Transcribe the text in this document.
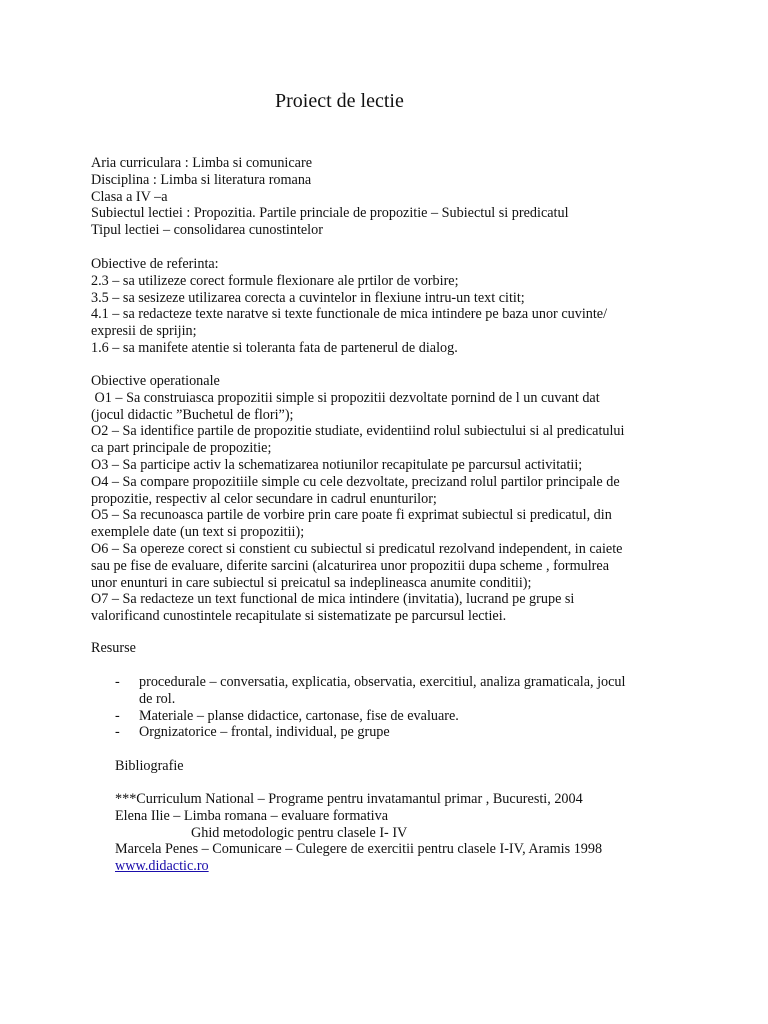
Proiect de lectie
Aria curriculara : Limba si comunicare
Disciplina : Limba si literatura romana
Clasa a IV –a
Subiectul lectiei : Propozitia. Partile princiale de propozitie – Subiectul si predicatul
Tipul lectiei – consolidarea cunostintelor
Obiective de referinta:
2.3 – sa utilizeze corect formule flexionare ale prtilor de vorbire;
3.5 – sa sesizeze utilizarea corecta a cuvintelor in flexiune intru-un text citit;
4.1 – sa redacteze texte naratve si texte functionale de mica intindere pe baza unor cuvinte/
expresii de sprijin;
1.6 – sa manifete atentie si toleranta fata de partenerul de dialog.
Obiective operationale
O1 – Sa construiasca propozitii simple si propozitii dezvoltate pornind de l un cuvant dat
(jocul didactic ”Buchetul de flori”);
O2 – Sa identifice partile de propozitie studiate, evidentiind rolul subiectului si al predicatului
ca part principale de propozitie;
O3 – Sa participe activ la schematizarea notiunilor recapitulate pe parcursul activitatii;
O4 – Sa compare propozitiile simple cu cele dezvoltate, precizand rolul partilor principale de
propozitie, respectiv al celor secundare in cadrul enunturilor;
O5 – Sa recunoasca partile de vorbire prin care poate fi exprimat subiectul si predicatul, din
exemplele date (un text si propozitii);
O6 – Sa opereze corect si constient cu subiectul si predicatul rezolvand independent, in caiete
sau pe fise de evaluare, diferite sarcini (alcaturirea unor propozitii dupa scheme , formulrea
unor enunturi in care subiectul si preicatul sa indeplineasca anumite conditii);
O7 – Sa redacteze un text functional de mica intindere (invitatia), lucrand pe grupe si
valorificand cunostintele recapitulate si sistematizate pe parcursul lectiei.
Resurse
- procedurale – conversatia, explicatia, observatia, exercitiul, analiza gramaticala, jocul
de rol.
- Materiale – planse didactice, cartonase, fise de evaluare.
- Orgnizatorice – frontal, individual, pe grupe
Bibliografie
***Curriculum National – Programe pentru invatamantul primar , Bucuresti, 2004
Elena Ilie – Limba romana – evaluare formativa
Ghid metodologic pentru clasele I- IV
Marcela Penes – Comunicare – Culegere de exercitii pentru clasele I-IV, Aramis 1998
www.didactic.ro
